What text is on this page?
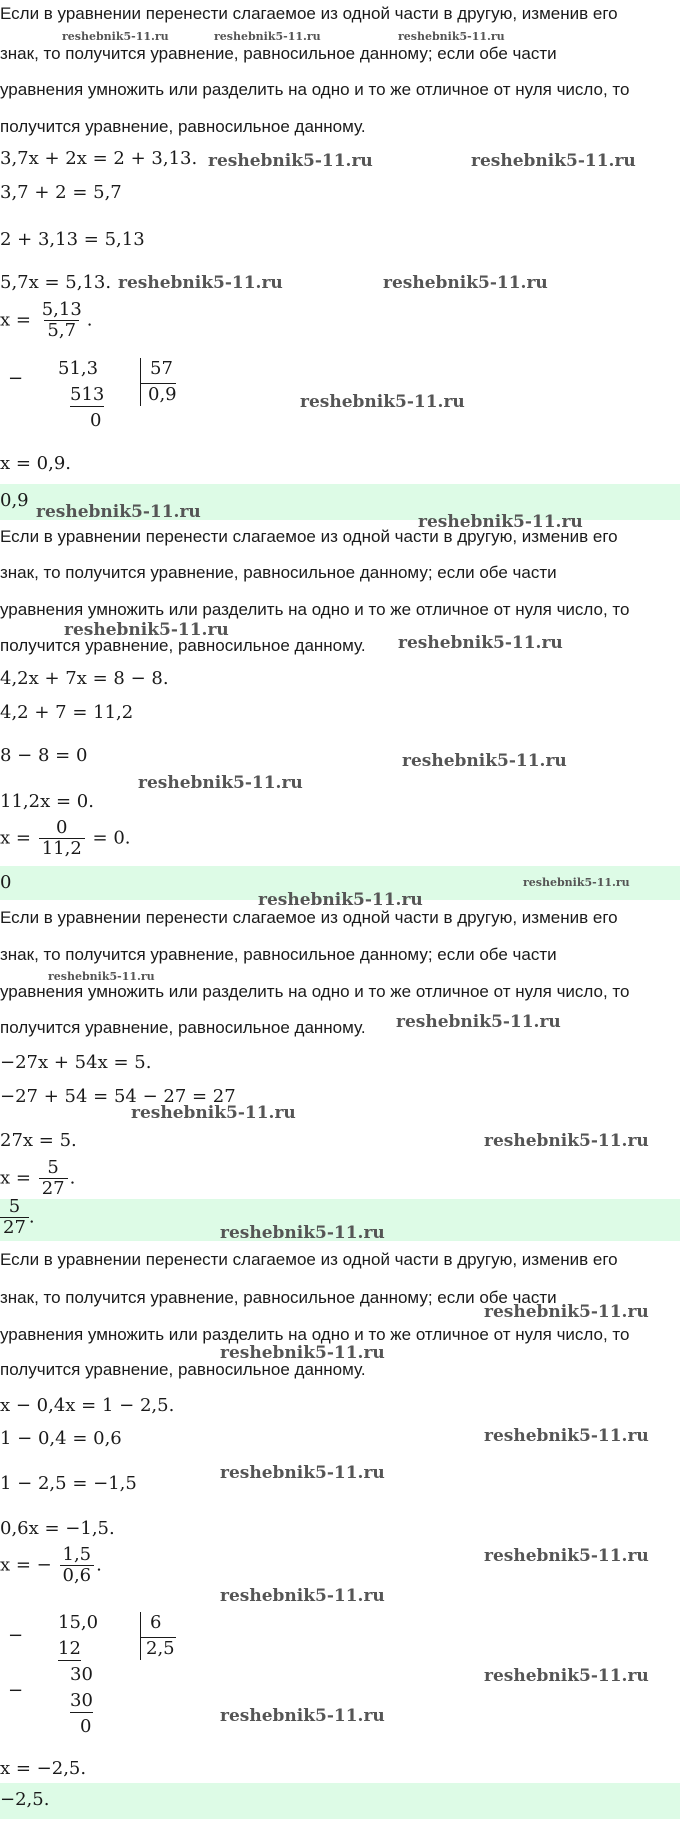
Если в уравнении перенести слагаемое из одной части в другую, изменив его
reshebnik5-11.ru	reshebnik5-11.ru	reshebnik5-11.ru
знак, то получится уравнение, равносильное данному; если обе части
уравнения умножить или разделить на одно и то же отличное от нуля число, то
получится уравнение, равносильное данному.
3,7x + 2x = 2 + 3,13. reshebnik5-11.ru	reshebnik5-11.ru
3,7 + 2 = 5,7
2 + 3,13 = 5,13
5,7x = 5,13. reshebnik5-11.ru	reshebnik5-11.ru
$x = \frac{5,13}{5,7}$ .
− 51,3
513
0
57
0,9	reshebnik5-11.ru
x = 0,9.
0,9
reshebnik5-11.ru	reshebnik5-11.ru
Если в уравнении перенести слагаемое из одной части в другую, изменив его
знак, то получится уравнение, равносильное данному; если обе части
уравнения умножить или разделить на одно и то же отличное от нуля число, то
reshebnik5-11.ru
получится уравнение, равносильное данному.	reshebnik5-11.ru
4,2x + 7x = 8 − 8.
4,2 + 7 = 11,2
8 − 8 = 0	reshebnik5-11.ru
reshebnik5-11.ru
11,2x = 0.
$x = \frac{0}{11,2} = 0$.
0	reshebnik5-11.ru
reshebnik5-11.ru
Если в уравнении перенести слагаемое из одной части в другую, изменив его
знак, то получится уравнение, равносильное данному; если обе части
reshebnik5-11.ru
уравнения умножить или разделить на одно и то же отличное от нуля число, то
получится уравнение, равносильное данному.	reshebnik5-11.ru
−27x + 54x = 5.
−27 + 54 = 54 − 27 = 27
reshebnik5-11.ru
27x = 5.	reshebnik5-11.ru
$x = \frac{5}{27}$ .
$\frac{5}{27}$ .
reshebnik5-11.ru
Если в уравнении перенести слагаемое из одной части в другую, изменив его
знак, то получится уравнение, равносильное данному; если обе части
reshebnik5-11.ru
уравнения умножить или разделить на одно и то же отличное от нуля число, то
reshebnik5-11.ru
получится уравнение, равносильное данному.
x − 0,4x = 1 − 2,5.
1 − 0,4 = 0,6	reshebnik5-11.ru
1 − 2,5 = −1,5	reshebnik5-11.ru
0,6x = −1,5.
reshebnik5-11.ru
x = − $\frac{1,5}{0,6}$ .
reshebnik5-11.ru
−
15,0
12
−
30
30
0
6
2,5
reshebnik5-11.ru
reshebnik5-11.ru
x = −2,5.
−2,5.
